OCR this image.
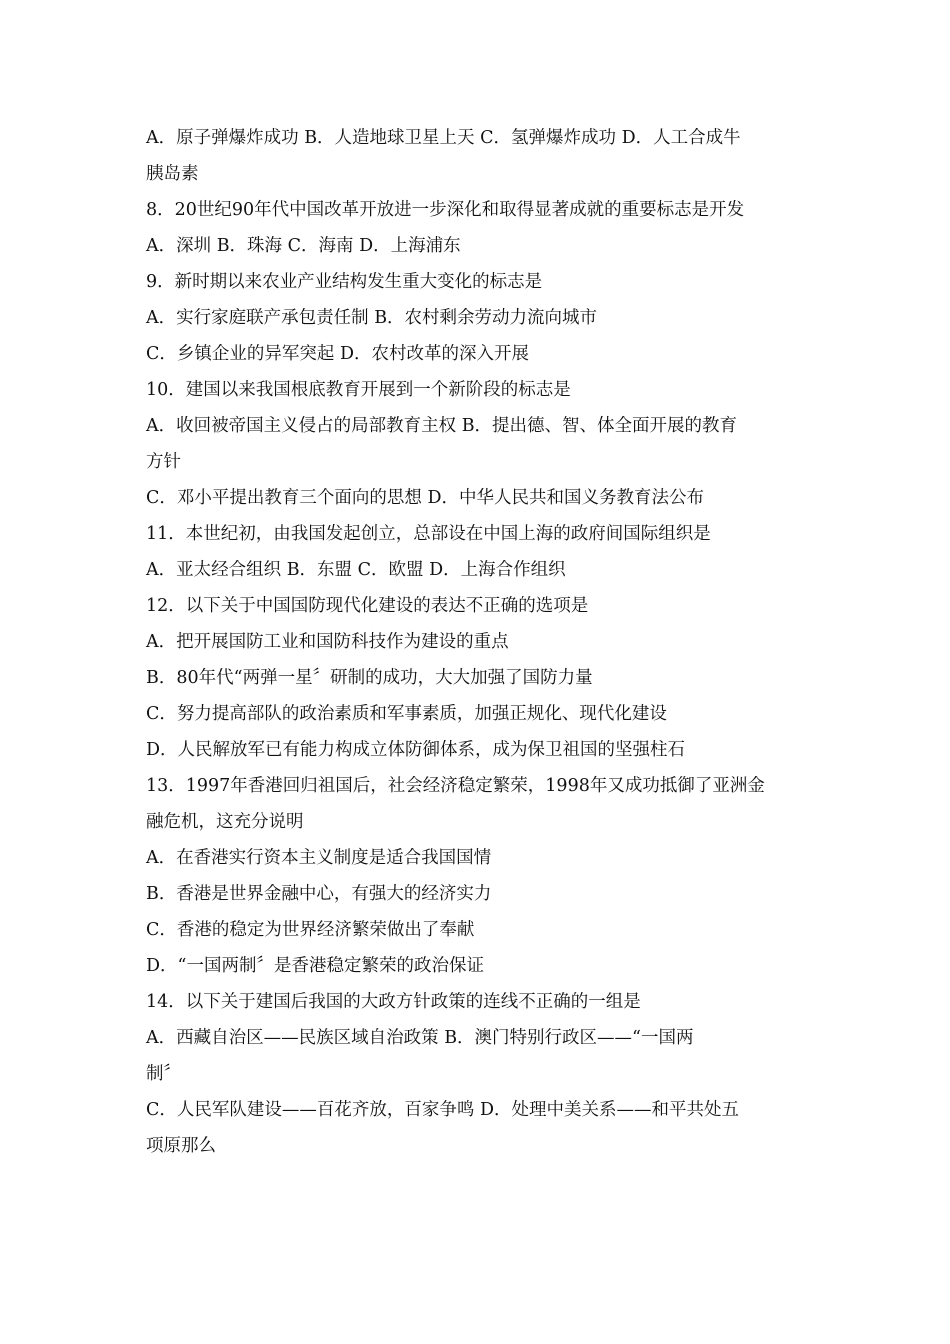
A．原子弹爆炸成功 B．人造地球卫星上天 C．氢弹爆炸成功 D．人工合成牛
胰岛素
8．20世纪90年代中国改革开放进一步深化和取得显著成就的重要标志是开发
A．深圳 B．珠海 C．海南 D．上海浦东
9．新时期以来农业产业结构发生重大变化的标志是
A．实行家庭联产承包责任制 B．农村剩余劳动力流向城市
C．乡镇企业的异军突起 D．农村改革的深入开展
10．建国以来我国根底教育开展到一个新阶段的标志是
A．收回被帝国主义侵占的局部教育主权 B．提出德、智、体全面开展的教育
方针
C．邓小平提出教育三个面向的思想 D．中华人民共和国义务教育法公布
11．本世纪初，由我国发起创立，总部设在中国上海的政府间国际组织是
A．亚太经合组织 B．东盟 C．欧盟 D．上海合作组织
12．以下关于中国国防现代化建设的表达不正确的选项是
A．把开展国防工业和国防科技作为建设的重点
B．80年代“两弹一星〞研制的成功，大大加强了国防力量
C．努力提高部队的政治素质和军事素质，加强正规化、现代化建设
D．人民解放军已有能力构成立体防御体系，成为保卫祖国的坚强柱石
13．1997年香港回归祖国后，社会经济稳定繁荣，1998年又成功抵御了亚洲金
融危机，这充分说明
A．在香港实行资本主义制度是适合我国国情
B．香港是世界金融中心，有强大的经济实力
C．香港的稳定为世界经济繁荣做出了奉献
D．“一国两制〞是香港稳定繁荣的政治保证
14．以下关于建国后我国的大政方针政策的连线不正确的一组是
A．西藏自治区——民族区域自治政策 B．澳门特别行政区——“一国两
制〞
C．人民军队建设——百花齐放，百家争鸣 D．处理中美关系——和平共处五
项原那么
